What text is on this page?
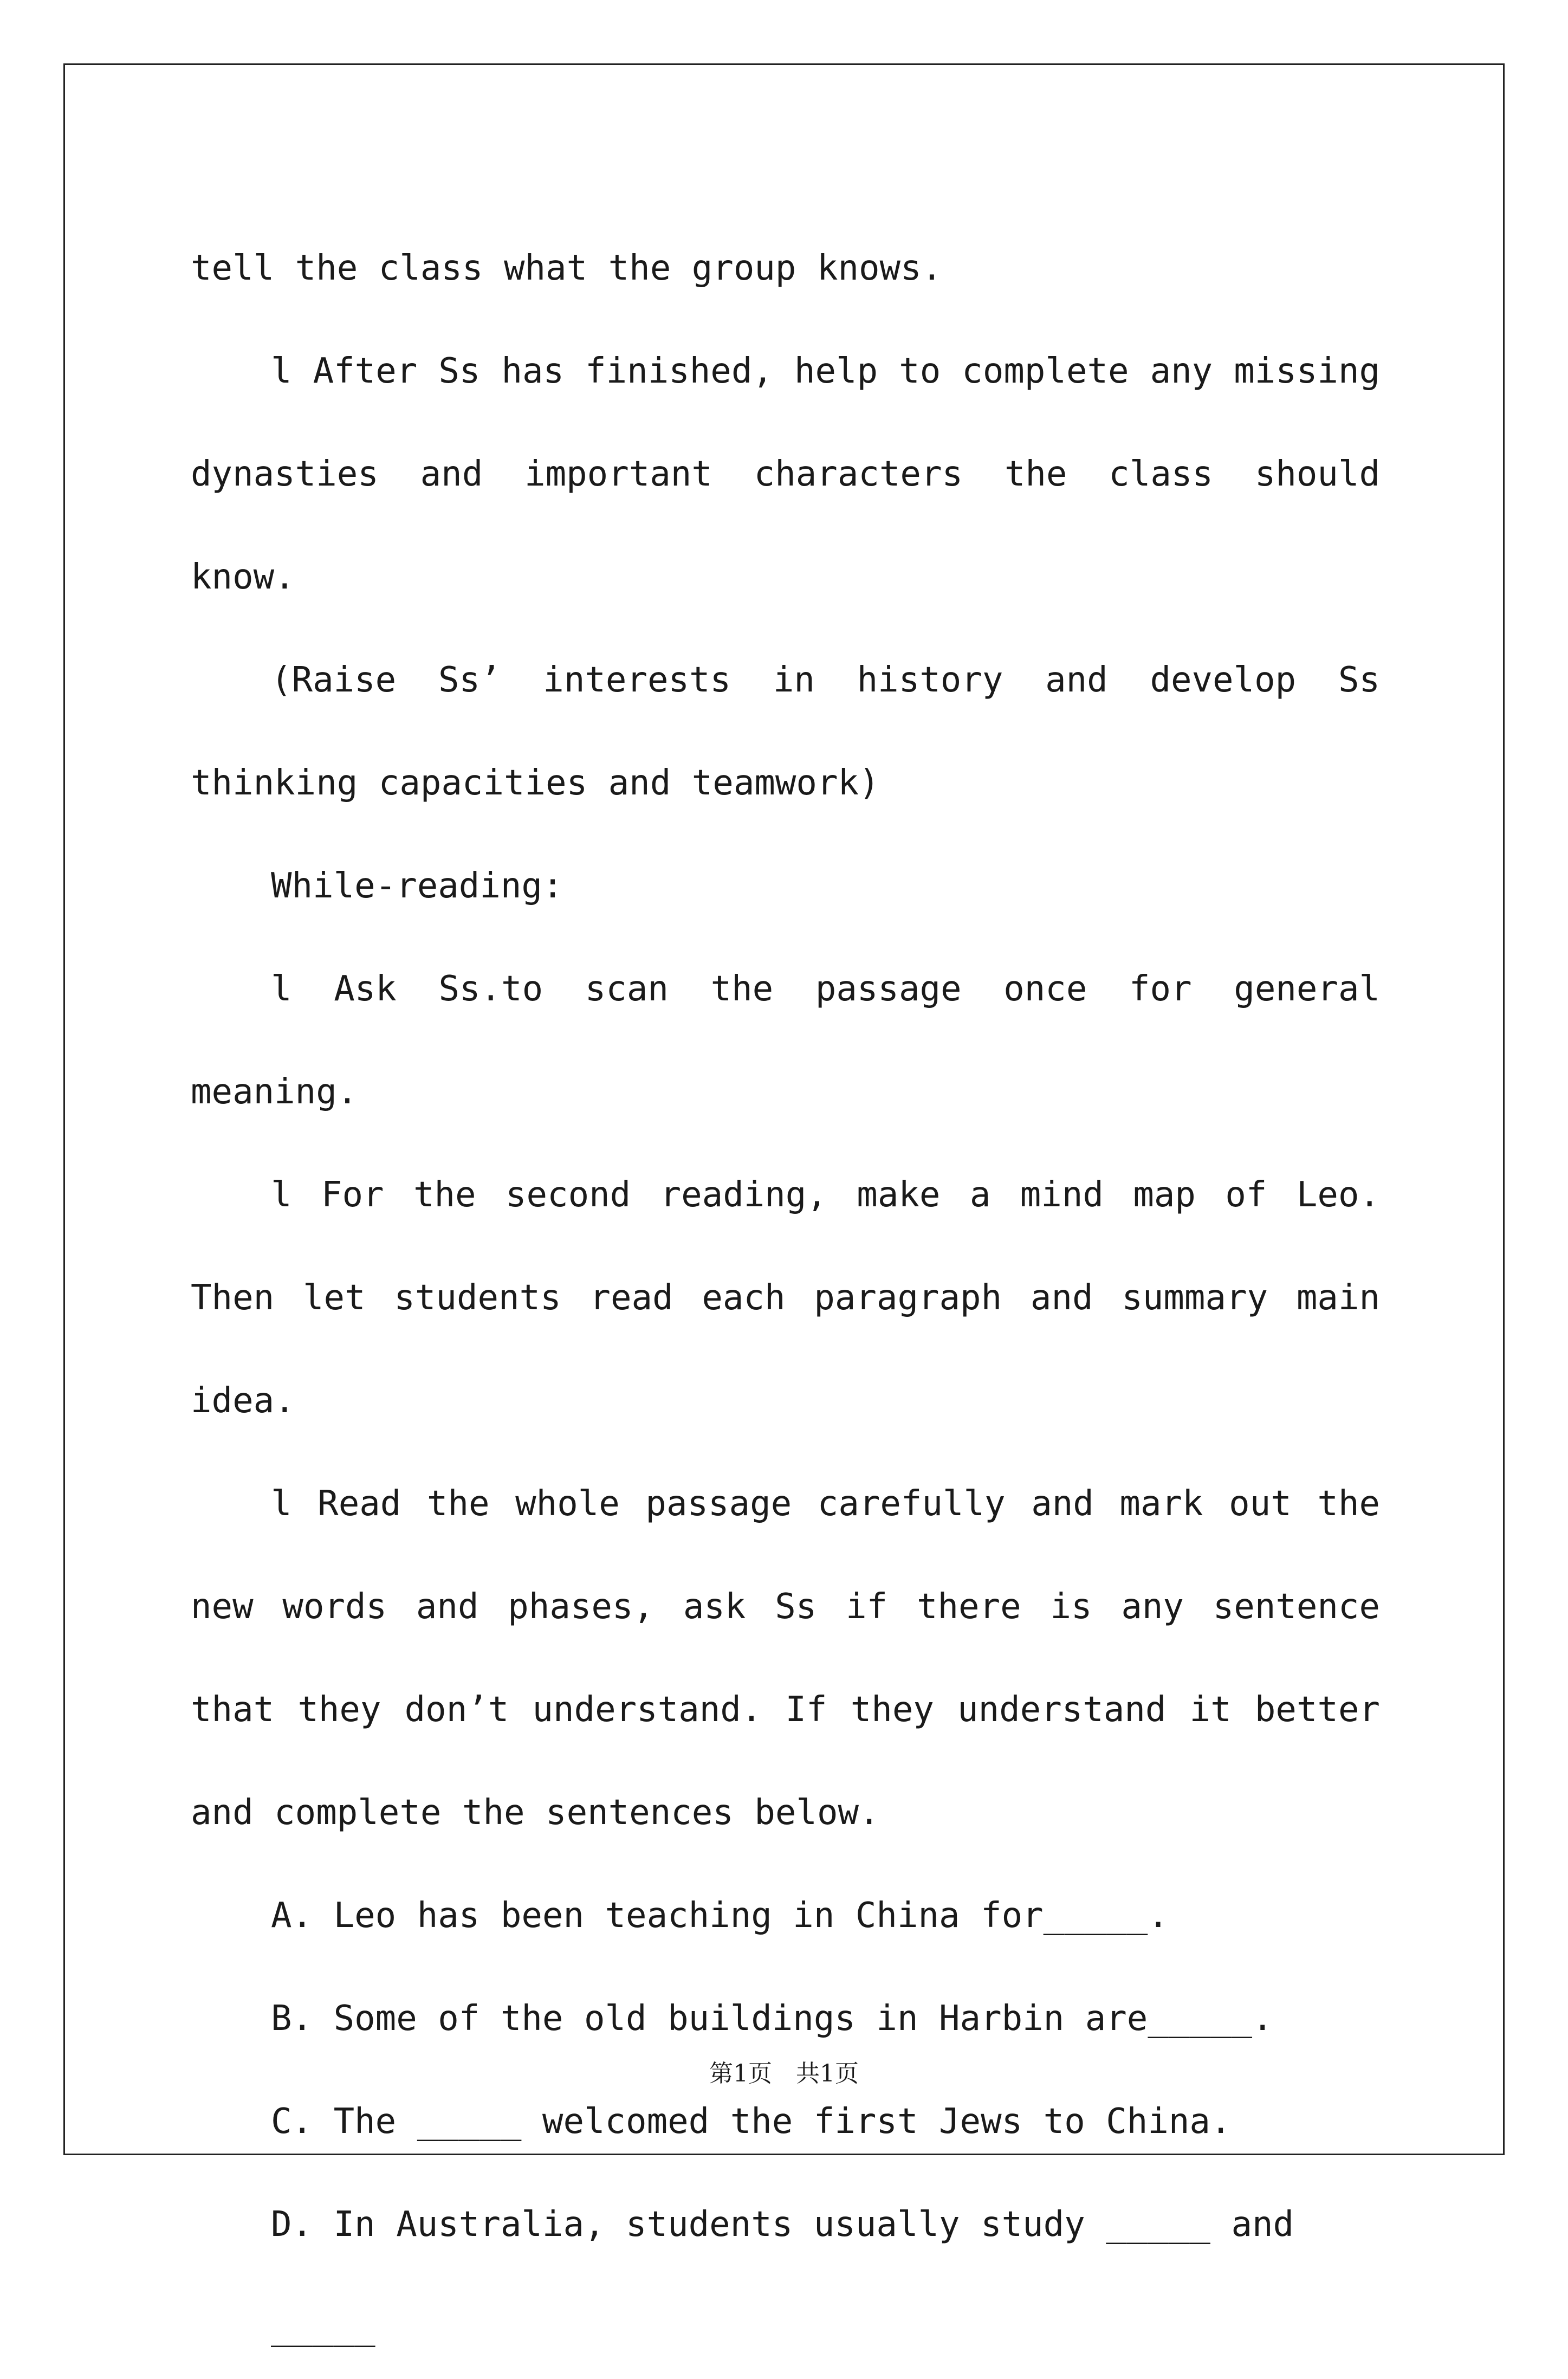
tell the class what the group knows.

l After Ss has finished, help to complete any missing dynasties and important characters the class should know.

(Raise Ss’ interests in history and develop Ss thinking capacities and teamwork)

While-reading:

l Ask Ss.to scan the passage once for general meaning.

l For the second reading, make a mind map of Leo. Then let students read each paragraph and summary main idea.

l Read the whole passage carefully and mark out the new words and phases, ask Ss if there is any sentence that they don’t understand. If they understand it better and complete the sentences below.

A. Leo has been teaching in China for_____.

B. Some of the old buildings in Harbin are_____.

C. The _____ welcomed the first Jews to China.

D. In Australia, students usually study _____ and _____

第1页　共1页
